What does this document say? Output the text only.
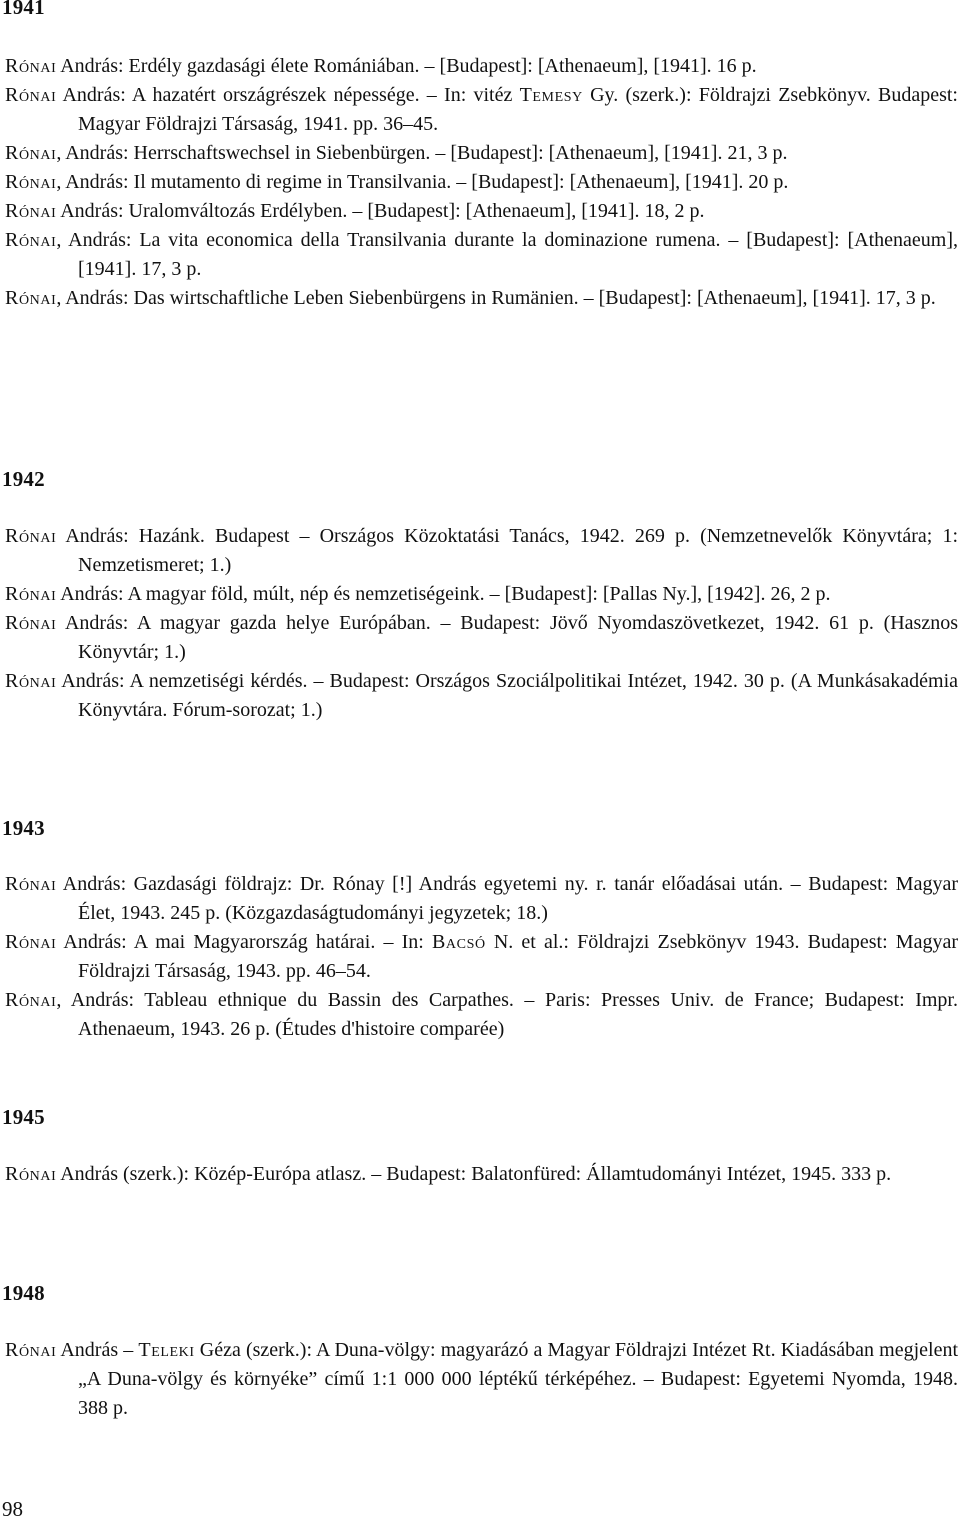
1941

Rónai András: Erdély gazdasági élete Romániában. – [Budapest]: [Athenaeum], [1941]. 16 p.

Rónai András: A hazatért országrészek népessége. – In: vitéz Temesy Gy. (szerk.): Földrajzi Zsebkönyv. Budapest: Magyar Földrajzi Társaság, 1941. pp. 36–45.

Rónai, András: Herrschaftswechsel in Siebenbürgen. – [Budapest]: [Athenaeum], [1941]. 21, 3 p.

Rónai, András: Il mutamento di regime in Transilvania. – [Budapest]: [Athenaeum], [1941]. 20 p.

Rónai András: Uralomváltozás Erdélyben. – [Budapest]: [Athenaeum], [1941]. 18, 2 p.

Rónai, András: La vita economica della Transilvania durante la dominazione rumena. – [Budapest]: [Athenaeum], [1941]. 17, 3 p.

Rónai, András: Das wirtschaftliche Leben Siebenbürgens in Rumänien. – [Budapest]: [Athenaeum], [1941]. 17, 3 p.

1942

Rónai András: Hazánk. Budapest – Országos Közoktatási Tanács, 1942. 269 p. (Nemzetnevelők Könyvtára; 1: Nemzetismeret; 1.)

Rónai András: A magyar föld, múlt, nép és nemzetiségeink. – [Budapest]: [Pallas Ny.], [1942]. 26, 2 p.

Rónai András: A magyar gazda helye Európában. – Budapest: Jövő Nyomdaszövetkezet, 1942. 61 p. (Hasznos Könyvtár; 1.)

Rónai András: A nemzetiségi kérdés. – Budapest: Országos Szociálpolitikai Intézet, 1942. 30 p. (A Munkásakadémia Könyvtára. Fórum-sorozat; 1.)

1943

Rónai András: Gazdasági földrajz: Dr. Rónay [!] András egyetemi ny. r. tanár előadásai után. – Budapest: Magyar Élet, 1943. 245 p. (Közgazdaságtudományi jegyzetek; 18.)

Rónai András: A mai Magyarország határai. – In: Bacsó N. et al.: Földrajzi Zsebkönyv 1943. Budapest: Magyar Földrajzi Társaság, 1943. pp. 46–54.

Rónai, András: Tableau ethnique du Bassin des Carpathes. – Paris: Presses Univ. de France; Budapest: Impr. Athenaeum, 1943. 26 p. (Études d'histoire comparée)

1945

Rónai András (szerk.): Közép-Európa atlasz. – Budapest: Balatonfüred: Államtudományi Intézet, 1945. 333 p.

1948

Rónai András – Teleki Géza (szerk.): A Duna-völgy: magyarázó a Magyar Földrajzi Intézet Rt. Kiadásában megjelent „A Duna-völgy és környéke” című 1:1 000 000 léptékű térképéhez. – Budapest: Egyetemi Nyomda, 1948. 388 p.

98
